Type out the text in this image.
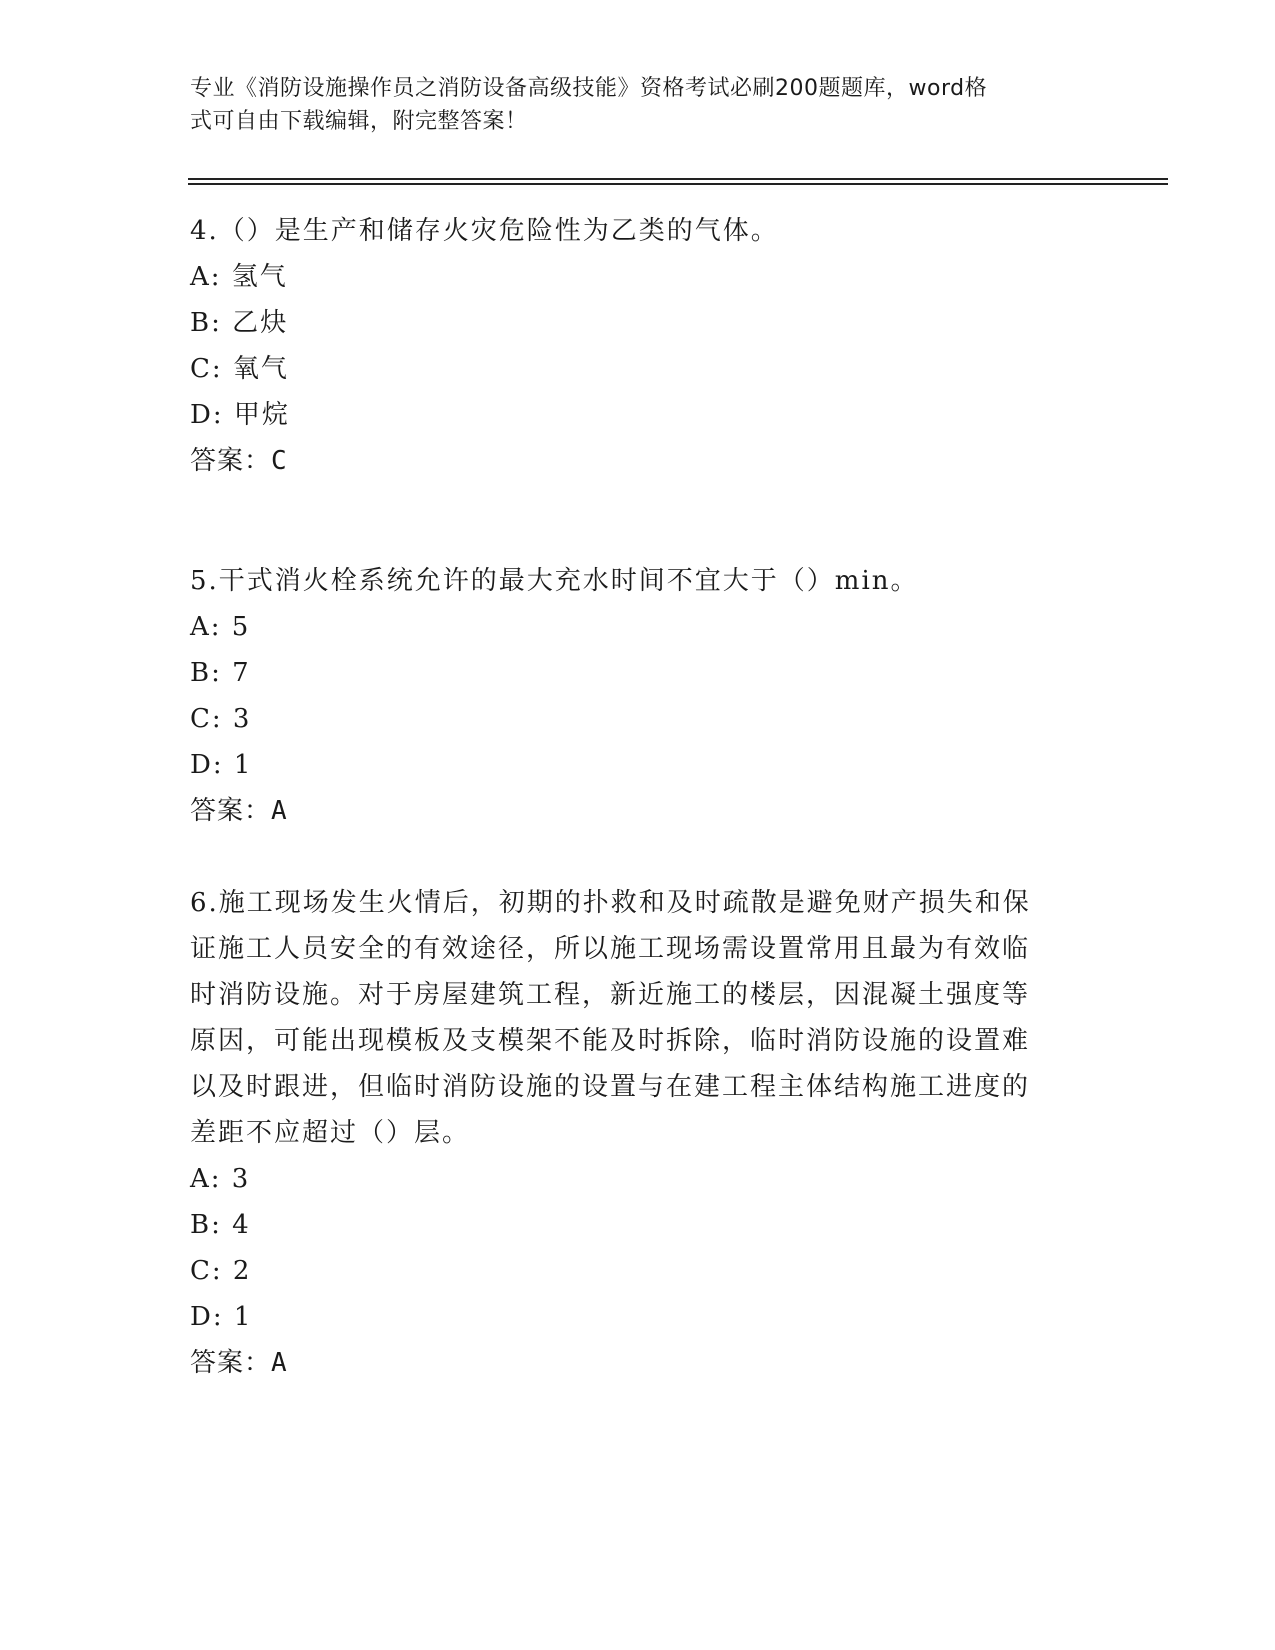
专业《消防设施操作员之消防设备高级技能》资格考试必刷200题题库，word格
式可自由下载编辑，附完整答案！

4.（）是生产和储存火灾危险性为乙类的气体。

A: 氢气

B: 乙炔

C: 氧气

D: 甲烷

答案：C

5.干式消火栓系统允许的最大充水时间不宜大于（）min。

A: 5

B: 7

C: 3

D: 1

答案：A

6.施工现场发生火情后，初期的扑救和及时疏散是避免财产损失和保

证施工人员安全的有效途径，所以施工现场需设置常用且最为有效临

时消防设施。对于房屋建筑工程，新近施工的楼层，因混凝土强度等

原因，可能出现模板及支模架不能及时拆除，临时消防设施的设置难

以及时跟进，但临时消防设施的设置与在建工程主体结构施工进度的

差距不应超过（）层。

A: 3

B: 4

C: 2

D: 1

答案：A
